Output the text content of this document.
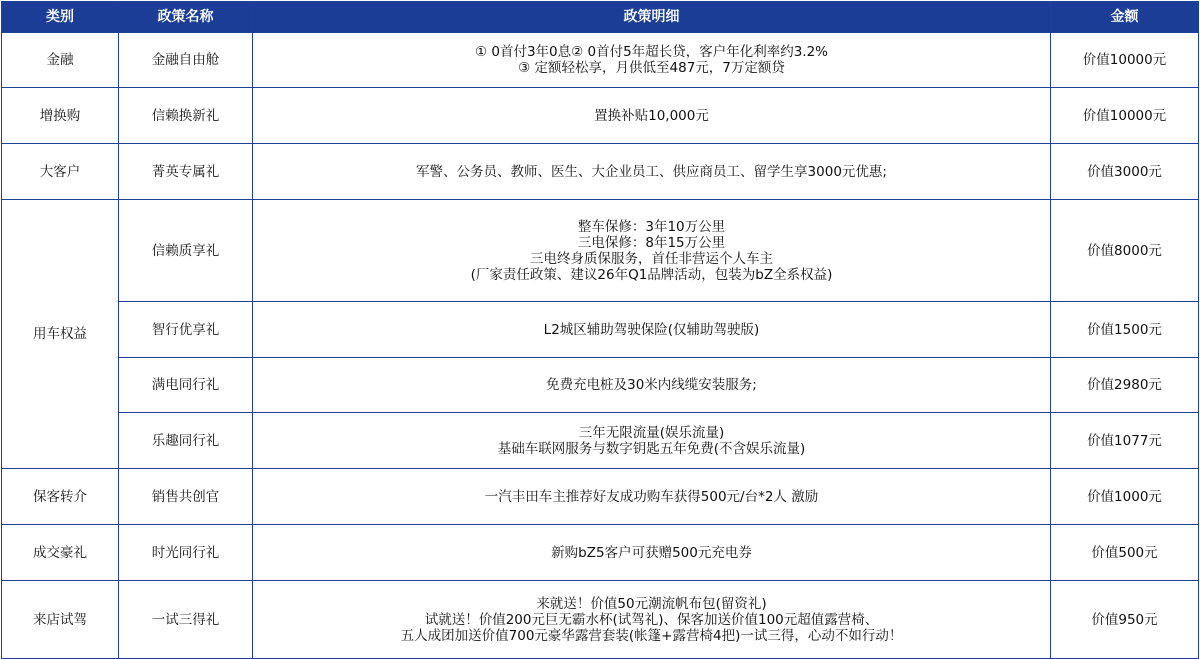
类别	政策名称	政策明细	金额
金融	金融自由舱	① 0首付3年0息② 0首付5年超长贷，客户年化利率约3.2%
③ 定额轻松享，月供低至487元，7万定额贷	价值10000元
增换购	信赖换新礼	置换补贴10,000元	价值10000元
大客户	菁英专属礼	军警、公务员、教师、医生、大企业员工、供应商员工、留学生享3000元优惠;	价值3000元
用车权益	信赖质享礼	整车保修：3年10万公里
三电保修：8年15万公里
三电终身质保服务，首任非营运个人车主
(厂家责任政策、建议26年Q1品牌活动，包装为bZ全系权益)	价值8000元
	智行优享礼	L2城区辅助驾驶保险(仅辅助驾驶版)	价值1500元
	满电同行礼	免费充电桩及30米内线缆安装服务;	价值2980元
	乐趣同行礼	三年无限流量(娱乐流量)
基础车联网服务与数字钥匙五年免费(不含娱乐流量)	价值1077元
保客转介	销售共创官	一汽丰田车主推荐好友成功购车获得500元/台*2人 激励	价值1000元
成交豪礼	时光同行礼	新购bZ5客户可获赠500元充电券	价值500元
来店试驾	一试三得礼	来就送！价值50元潮流帆布包(留资礼)
试就送！价值200元巨无霸水杯(试驾礼)、保客加送价值100元超值露营椅、
五人成团加送价值700元豪华露营套装(帐篷+露营椅4把)一试三得，心动不如行动！	价值950元
